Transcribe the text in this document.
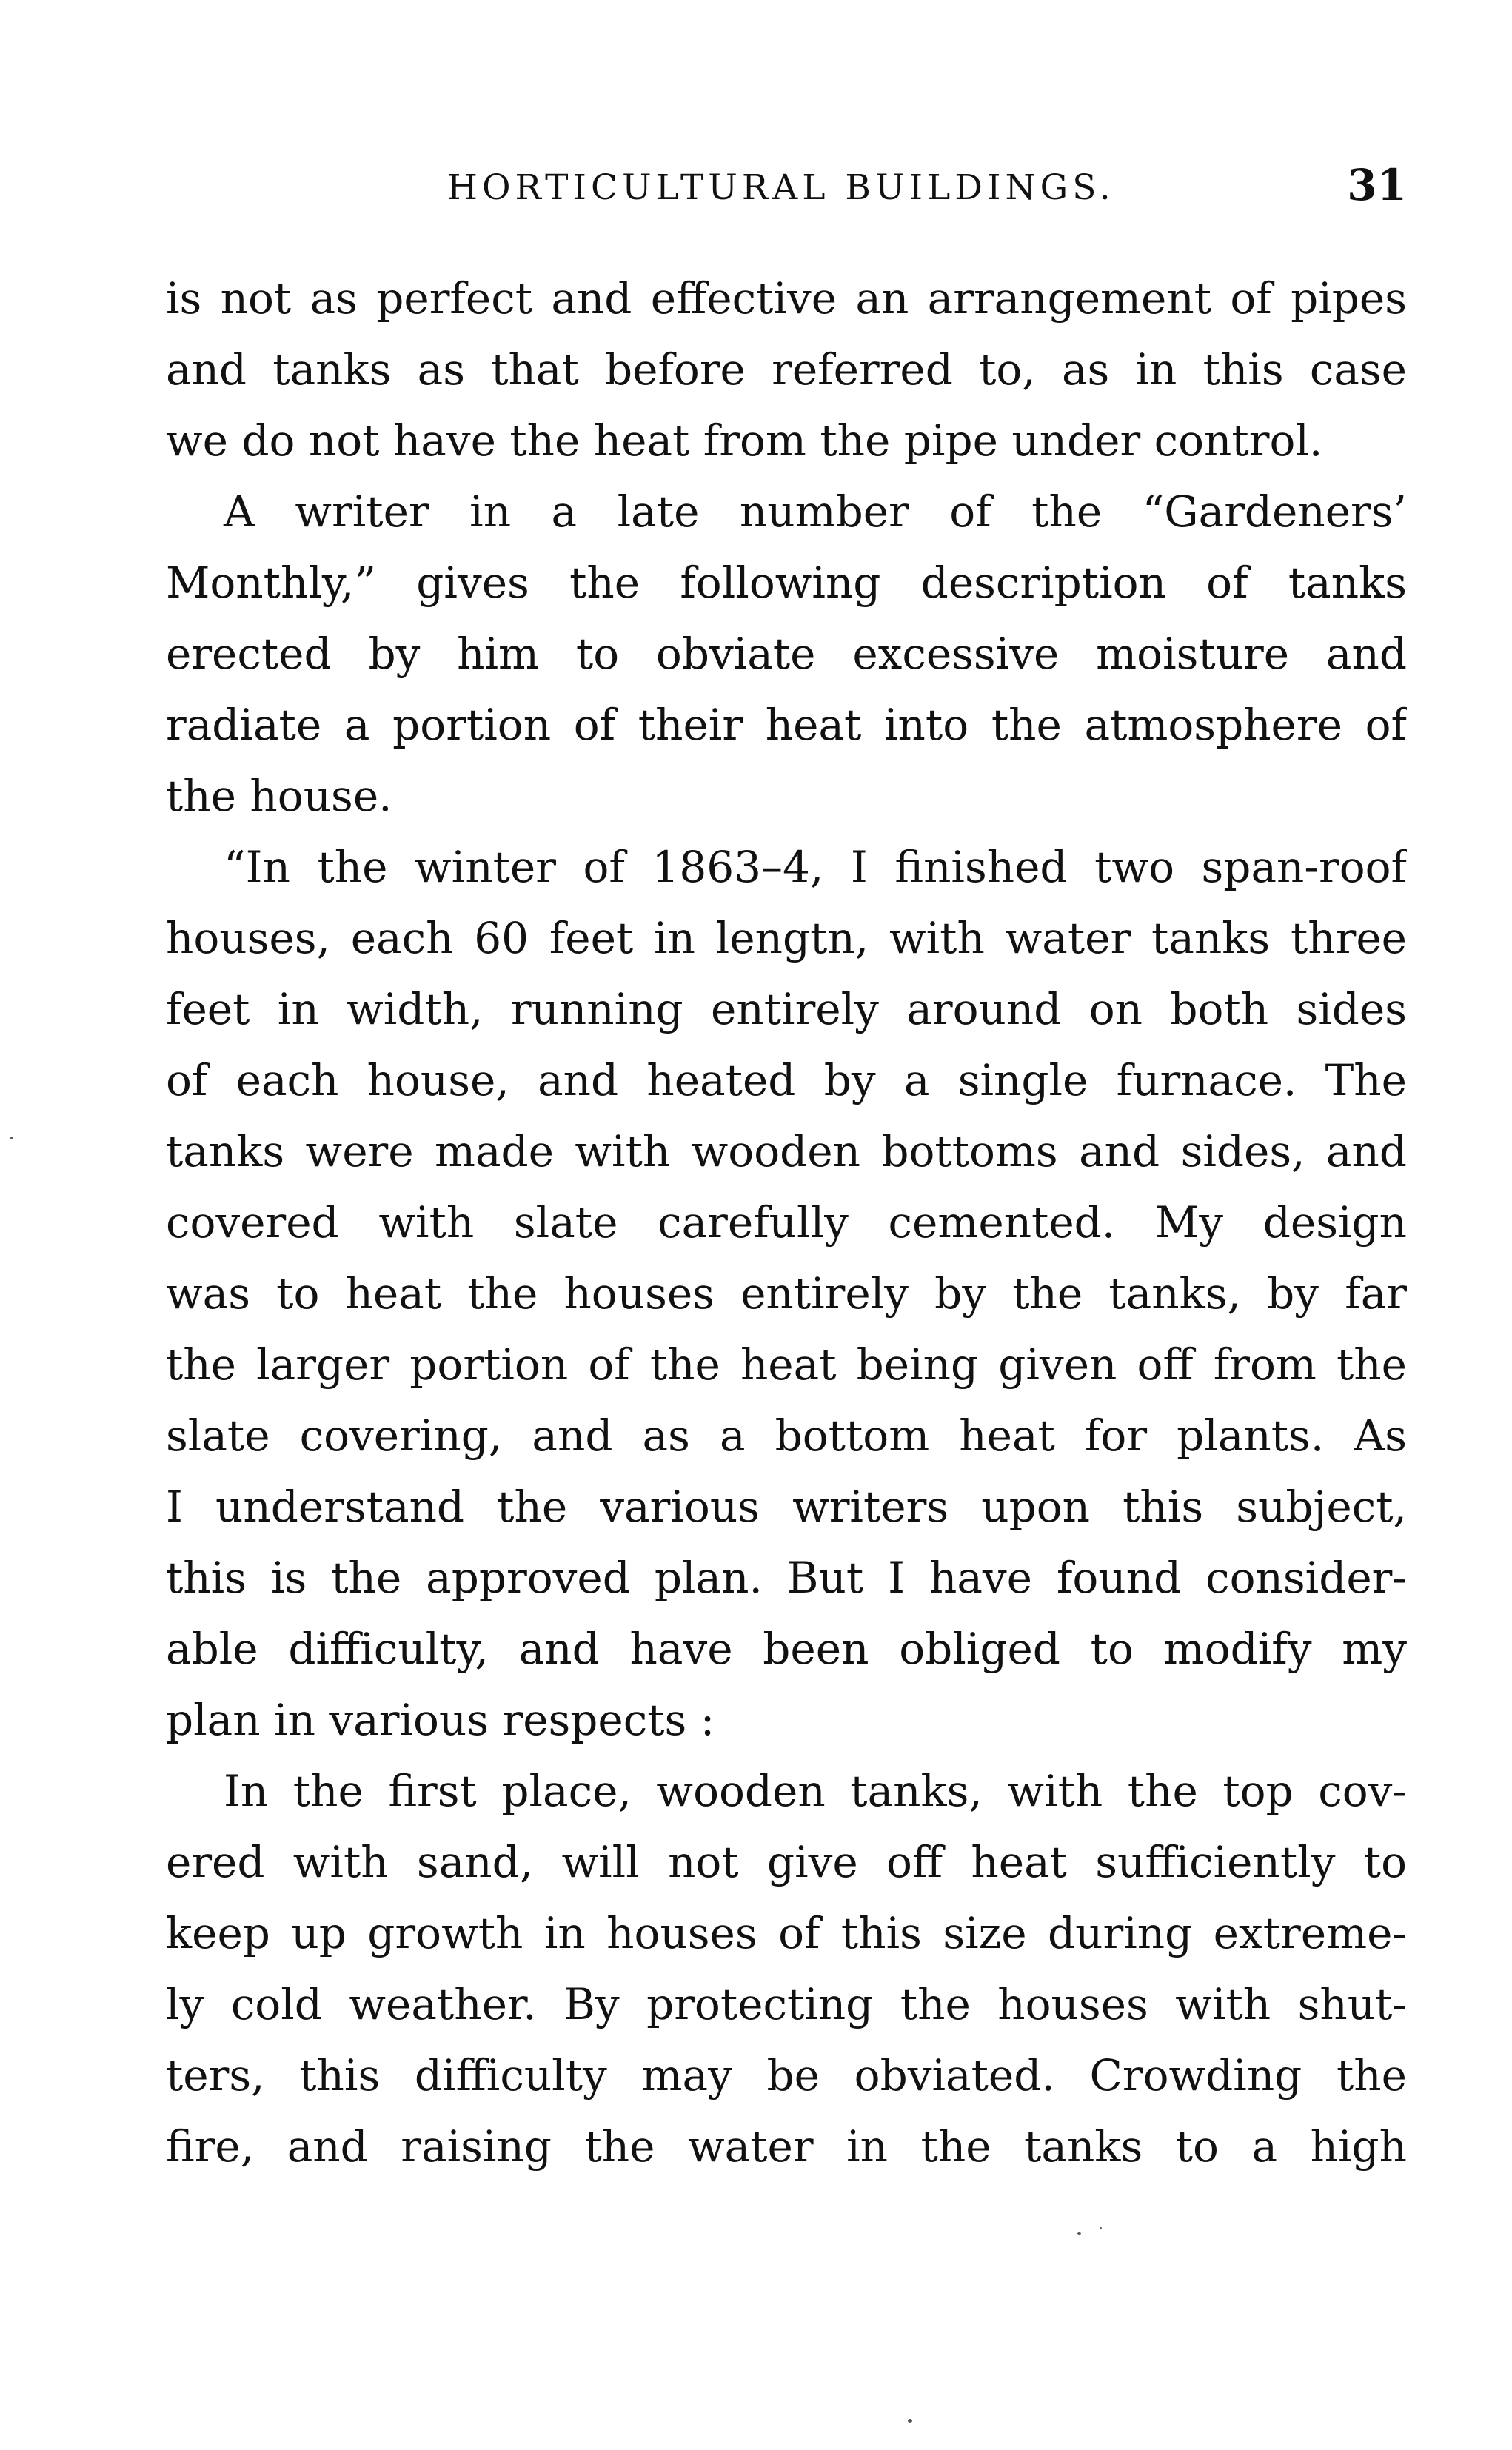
HORTICULTURAL BUILDINGS.	31
is not as perfect and effective an arrangement of pipes
and tanks as that before referred to, as in this case
we do not have the heat from the pipe under control.
A writer in a late number of the “Gardeners’
Monthly,” gives the following description of tanks
erected by him to obviate excessive moisture and
radiate a portion of their heat into the atmosphere of
the house.
“In the winter of 1863–4, I finished two span-roof
houses, each 60 feet in lengtn, with water tanks three
feet in width, running entirely around on both sides
of each house, and heated by a single furnace. The
tanks were made with wooden bottoms and sides, and
covered with slate carefully cemented. My design
was to heat the houses entirely by the tanks, by far
the larger portion of the heat being given off from the
slate covering, and as a bottom heat for plants. As
I understand the various writers upon this subject,
this is the approved plan. But I have found consider-
able difficulty, and have been obliged to modify my
plan in various respects :
In the first place, wooden tanks, with the top cov-
ered with sand, will not give off heat sufficiently to
keep up growth in houses of this size during extreme-
ly cold weather. By protecting the houses with shut-
ters, this difficulty may be obviated. Crowding the
fire, and raising the water in the tanks to a high
